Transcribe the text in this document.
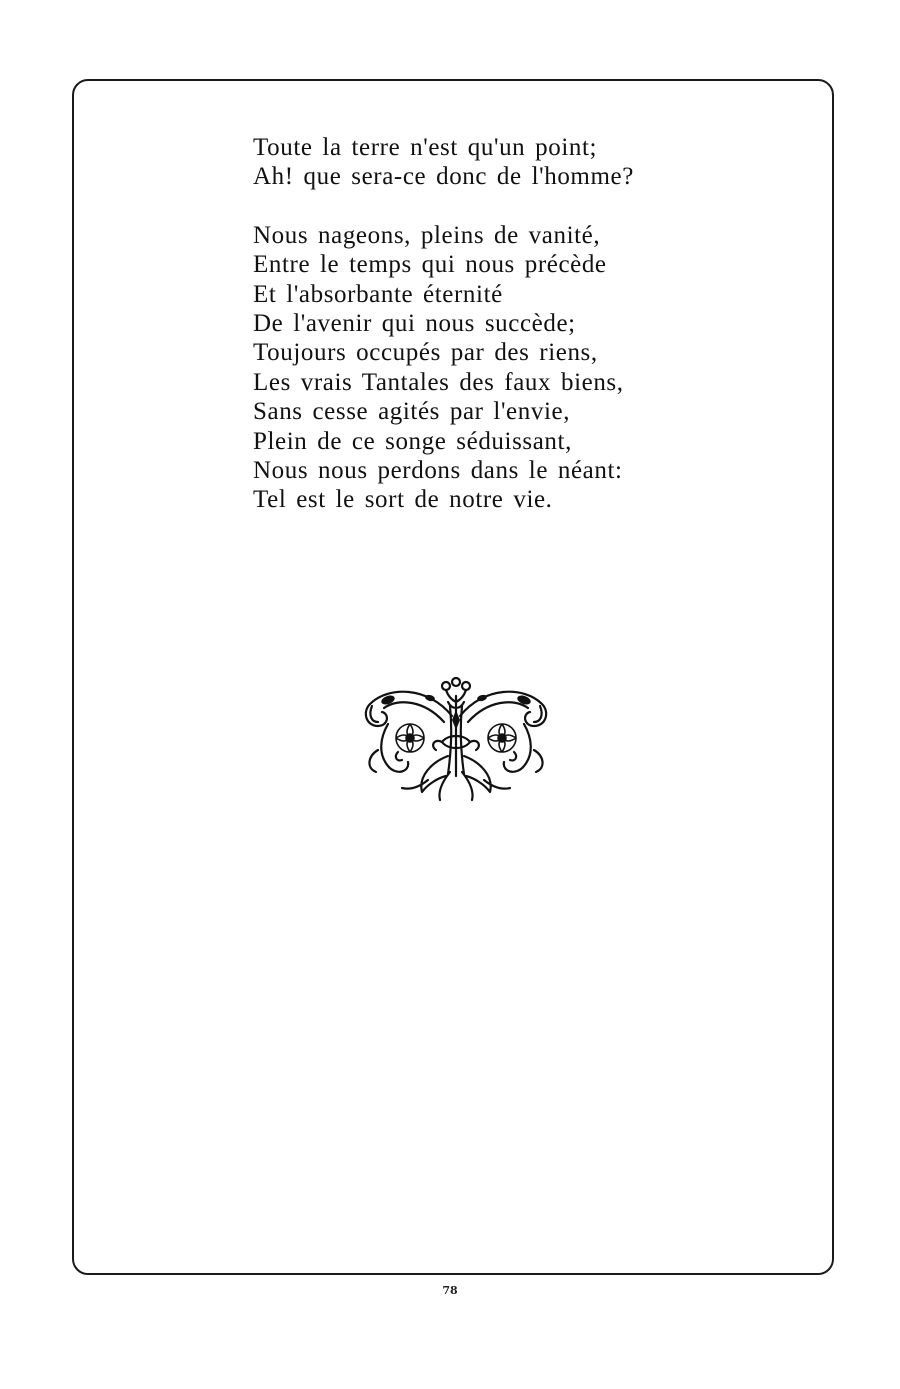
Toute la terre n'est qu'un point;
Ah! que sera-ce donc de l'homme?
Nous nageons, pleins de vanité,
Entre le temps qui nous précède
Et l'absorbante éternité
De l'avenir qui nous succède;
Toujours occupés par des riens,
Les vrais Tantales des faux biens,
Sans cesse agités par l'envie,
Plein de ce songe séduissant,
Nous nous perdons dans le néant:
Tel est le sort de notre vie.
78
